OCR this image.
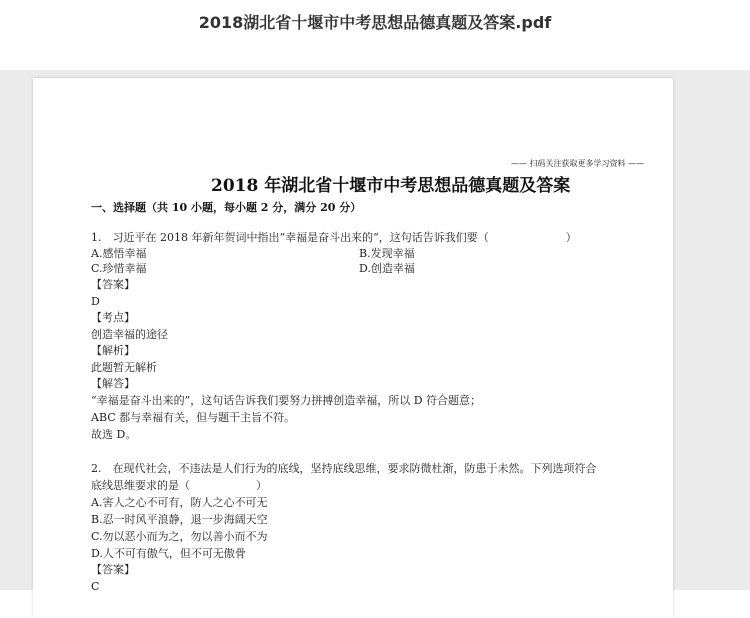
2018湖北省十堰市中考思想品德真题及答案.pdf
—— 扫码关注获取更多学习资料 ——
2018 年湖北省十堰市中考思想品德真题及答案
一、选择题（共 10 小题，每小题 2 分，满分 20 分）
1.　习近平在 2018 年新年贺词中指出“幸福是奋斗出来的”，这句话告诉我们要（　　　　　　　）
A.感悟幸福	B.发现幸福
C.珍惜幸福	D.创造幸福
【答案】
D
【考点】
创造幸福的途径
【解析】
此题暂无解析
【解答】
“幸福是奋斗出来的”，这句话告诉我们要努力拼搏创造幸福，所以 D 符合题意；
ABC 都与幸福有关，但与题干主旨不符。
故选 D。
2.　在现代社会，不违法是人们行为的底线，坚持底线思维，要求防微杜渐，防患于未然。下列选项符合
底线思维要求的是（　　　　　　）
A.害人之心不可有，防人之心不可无
B.忍一时风平浪静，退一步海阔天空
C.勿以恶小而为之，勿以善小而不为
D.人不可有傲气，但不可无傲骨
【答案】
C
